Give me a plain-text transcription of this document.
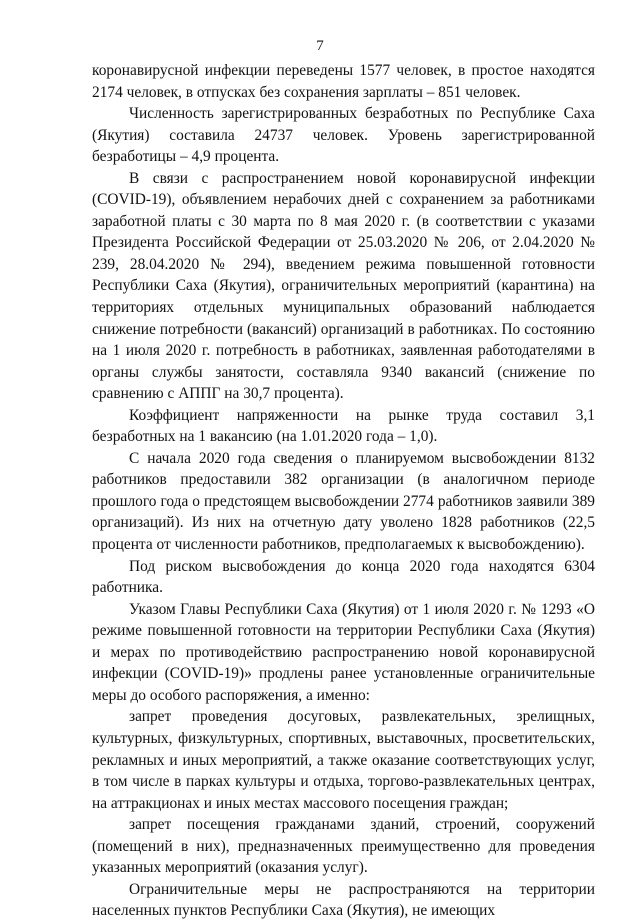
7

коронавирусной инфекции переведены 1577 человек, в простое находятся 2174 человек, в отпусках без сохранения зарплаты – 851 человек.

Численность зарегистрированных безработных по Республике Саха (Якутия) составила 24737 человек. Уровень зарегистрированной безработицы – 4,9 процента.

В связи с распространением новой коронавирусной инфекции (COVID-19), объявлением нерабочих дней с сохранением за работниками заработной платы с 30 марта по 8 мая 2020 г. (в соответствии с указами Президента Российской Федерации от 25.03.2020 № 206, от 2.04.2020 № 239, 28.04.2020 № 294), введением режима повышенной готовности Республики Саха (Якутия), ограничительных мероприятий (карантина) на территориях отдельных муниципальных образований наблюдается снижение потребности (вакансий) организаций в работниках. По состоянию на 1 июля 2020 г. потребность в работниках, заявленная работодателями в органы службы занятости, составляла 9340 вакансий (снижение по сравнению с АППГ на 30,7 процента).

Коэффициент напряженности на рынке труда составил 3,1 безработных на 1 вакансию (на 1.01.2020 года – 1,0).

С начала 2020 года сведения о планируемом высвобождении 8132 работников предоставили 382 организации (в аналогичном периоде прошлого года о предстоящем высвобождении 2774 работников заявили 389 организаций). Из них на отчетную дату уволено 1828 работников (22,5 процента от численности работников, предполагаемых к высвобождению).

Под риском высвобождения до конца 2020 года находятся 6304 работника.

Указом Главы Республики Саха (Якутия) от 1 июля 2020 г. № 1293 «О режиме повышенной готовности на территории Республики Саха (Якутия) и мерах по противодействию распространению новой коронавирусной инфекции (COVID-19)» продлены ранее установленные ограничительные меры до особого распоряжения, а именно:

запрет проведения досуговых, развлекательных, зрелищных, культурных, физкультурных, спортивных, выставочных, просветительских, рекламных и иных мероприятий, а также оказание соответствующих услуг, в том числе в парках культуры и отдыха, торгово-развлекательных центрах, на аттракционах и иных местах массового посещения граждан;

запрет посещения гражданами зданий, строений, сооружений (помещений в них), предназначенных преимущественно для проведения указанных мероприятий (оказания услуг).

Ограничительные меры не распространяются на территории населенных пунктов Республики Саха (Якутия), не имеющих
